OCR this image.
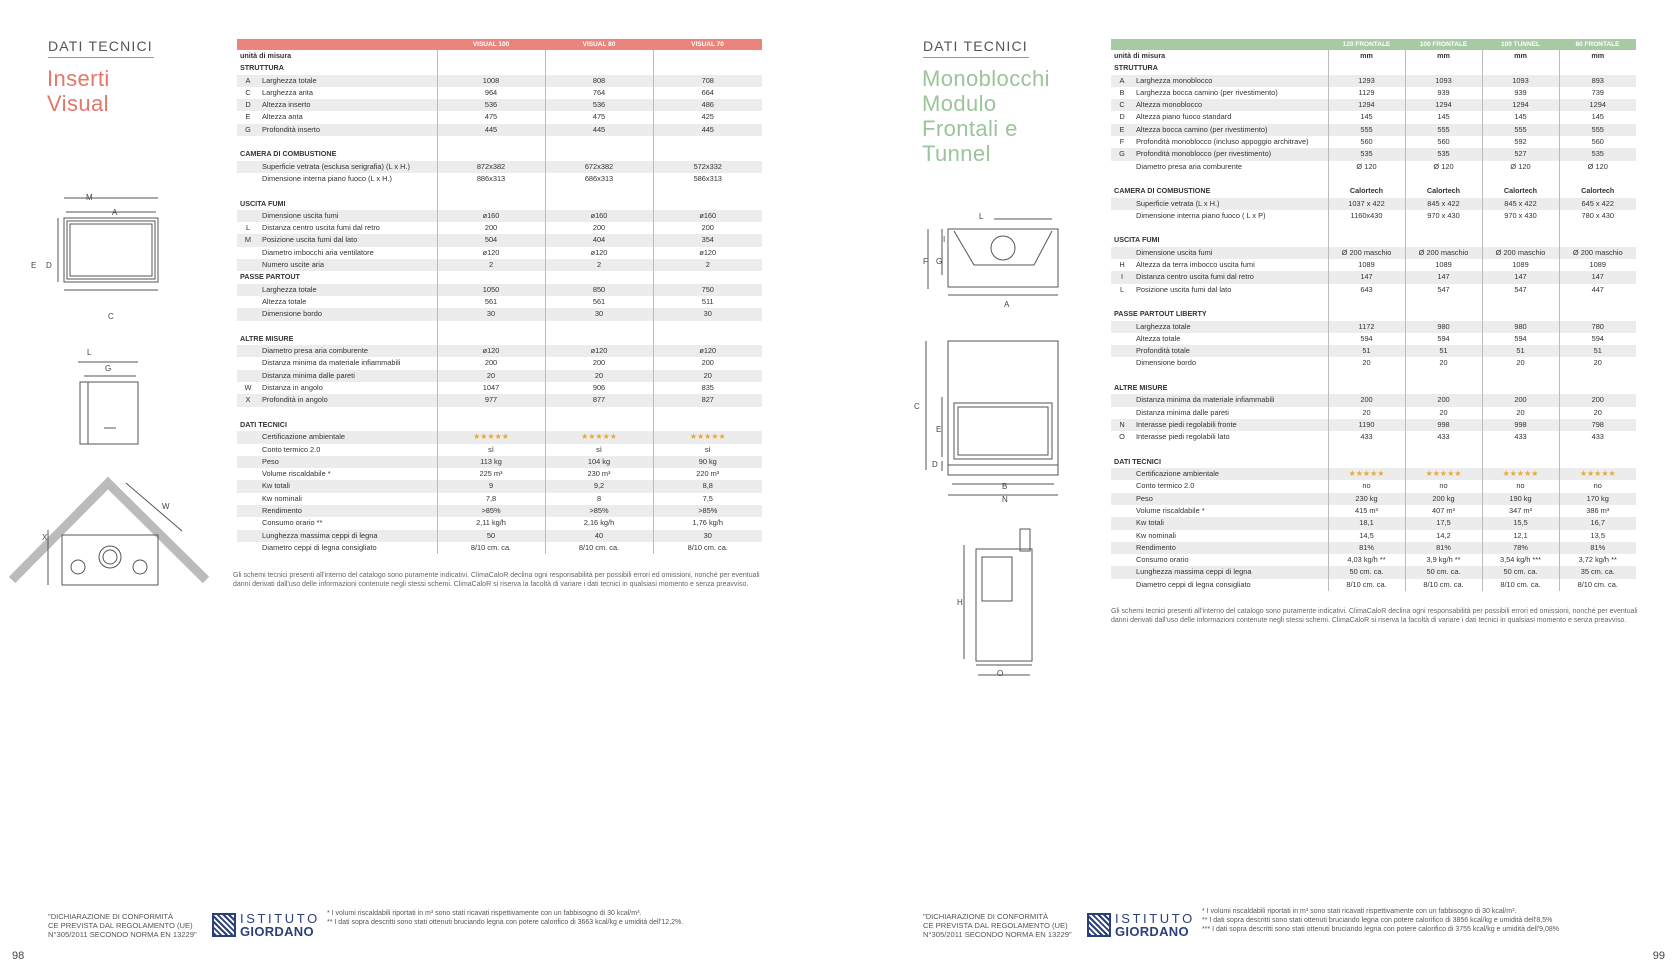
DATI TECNICI
Inserti
Visual
M
A
E D
C
L
G
W
X
		VISUAL 100	VISUAL 80	VISUAL 70
unità di misura				
STRUTTURA				
A	Larghezza totale	1008	808	708
C	Larghezza anta	964	764	664
D	Altezza inserto	536	536	486
E	Altezza anta	475	475	425
G	Profondità inserto	445	445	445

CAMERA DI COMBUSTIONE				
	Superficie vetrata (esclusa serigrafia) (L x H.)	872x382	672x382	572x332
	Dimensione interna piano fuoco (L x H.)	886x313	686x313	586x313

USCITA FUMI				
	Dimensione uscita fumi	ø160	ø160	ø160
L	Distanza centro uscita fumi dal retro	200	200	200
M	Posizione uscita fumi dal lato	504	404	354
	Diametro imbocchi aria ventilatore	ø120	ø120	ø120
	Numero uscite aria	2	2	2
PASSE PARTOUT				
	Larghezza totale	1050	850	750
	Altezza totale	561	561	511
	Dimensione bordo	30	30	30

ALTRE MISURE				
	Diametro presa aria comburente	ø120	ø120	ø120
	Distanza minima da materiale infiammabili	200	200	200
	Distanza minima dalle pareti	20	20	20
W	Distanza in angolo	1047	906	835
X	Profondità in angolo	977	877	827

DATI TECNICI				
	Certificazione ambientale	★★★★★	★★★★★	★★★★★
	Conto termico 2.0	sì	sì	sì
	Peso	113 kg	104 kg	90 kg
	Volume riscaldabile *	225 m³	230 m³	220 m³
	Kw totali	9	9,2	8,8
	Kw nominali	7,8	8	7,5
	Rendimento	>85%	>85%	>85%
	Consumo orario **	2,11 kg/h	2,16 kg/h	1,76 kg/h
	Lunghezza massima ceppi di legna	50	40	30
	Diametro ceppi di legna consigliato	8/10 cm. ca.	8/10 cm. ca.	8/10 cm. ca.
Gli schemi tecnici presenti all'interno del catalogo sono puramente indicativi. ClimaCaloR declina ogni responsabilità per possibili errori ed omissioni, nonché per eventuali danni derivati dall'uso delle informazioni contenute negli stessi schemi. ClimaCaloR si riserva la facoltà di variare i dati tecnici in qualsiasi momento e senza preavviso.
"DICHIARAZIONE DI CONFORMITÀ
CE PREVISTA DAL REGOLAMENTO (UE)
N°305/2011 SECONDO NORMA EN 13229"
ISTITUTO
GIORDANO
* I volumi riscaldabili riportati in m³ sono stati ricavati rispettivamente con un fabbisogno di 30 kcal/m³.
** I dati sopra descritti sono stati ottenuti bruciando legna con potere calorifico di 3663 kcal/kg e umidità dell'12,2%.
98
DATI TECNICI
Monoblocchi
Modulo
Frontali e
Tunnel
L
I
F G
A
C
E
D
B
N
H
O
		120 FRONTALE	100 FRONTALE	100 TUNNEL	80 FRONTALE
unità di misura		mm	mm	mm	mm
STRUTTURA					
A	Larghezza monoblocco	1293	1093	1093	893
B	Larghezza bocca camino (per rivestimento)	1129	939	939	739
C	Altezza monoblocco	1294	1294	1294	1294
D	Altezza piano fuoco standard	145	145	145	145
E	Altezza bocca camino (per rivestimento)	555	555	555	555
F	Profondità monoblocco (incluso appoggio architrave)	560	560	592	560
G	Profondità monoblocco (per rivestimento)	535	535	527	535
	Diametro presa aria comburente	Ø 120	Ø 120	Ø 120	Ø 120

CAMERA DI COMBUSTIONE		Calortech	Calortech	Calortech	Calortech
	Superficie vetrata (L x H.)	1037 x 422	845 x 422	845 x 422	645 x 422
	Dimensione interna piano fuoco ( L x P)	1160x430	970 x 430	970 x 430	780 x 430

USCITA FUMI					
	Dimensione uscita fumi	Ø 200 maschio	Ø 200 maschio	Ø 200 maschio	Ø 200 maschio
H	Altezza da terra imbocco uscita fumi	1089	1089	1089	1089
I	Distanza centro uscita fumi dal retro	147	147	147	147
L	Posizione uscita fumi dal lato	643	547	547	447

PASSE PARTOUT LIBERTY					
	Larghezza totale	1172	980	980	780
	Altezza totale	594	594	594	594
	Profondità totale	51	51	51	51
	Dimensione bordo	20	20	20	20

ALTRE MISURE					
	Distanza minima da materiale infiammabili	200	200	200	200
	Distanza minima dalle pareti	20	20	20	20
N	Interasse piedi regolabili fronte	1190	998	998	798
O	Interasse piedi regolabili lato	433	433	433	433

DATI TECNICI					
	Certificazione ambientale	★★★★★	★★★★★	★★★★★	★★★★★
	Conto termico 2.0	no	no	no	no
	Peso	230 kg	200 kg	190 kg	170 kg
	Volume riscaldabile *	415 m³	407 m³	347 m³	386 m³
	Kw totali	18,1	17,5	15,5	16,7
	Kw nominali	14,5	14,2	12,1	13,5
	Rendimento	81%	81%	78%	81%
	Consumo orario	4,03 kg/h **	3,9 kg/h **	3,54 kg/h ***	3,72 kg/h **
	Lunghezza massima ceppi di legna	50 cm. ca.	50 cm. ca.	50 cm. ca.	35 cm. ca.
	Diametro ceppi di legna consigliato	8/10 cm. ca.	8/10 cm. ca.	8/10 cm. ca.	8/10 cm. ca.
Gli schemi tecnici presenti all'interno del catalogo sono puramente indicativi. ClimaCaloR declina ogni responsabilità per possibili errori ed omissioni, nonché per eventuali danni derivati dall'uso delle informazioni contenute negli stessi schemi. ClimaCaloR si riserva la facoltà di variare i dati tecnici in qualsiasi momento e senza preavviso.
"DICHIARAZIONE DI CONFORMITÀ
CE PREVISTA DAL REGOLAMENTO (UE)
N°305/2011 SECONDO NORMA EN 13229"
ISTITUTO
GIORDANO
* I volumi riscaldabili riportati in m³ sono stati ricavati rispettivamente con un fabbisogno di 30 kcal/m³.
** I dati sopra descritti sono stati ottenuti bruciando legna con potere calorifico di 3856 kcal/kg e umidità dell'8,5%
*** I dati sopra descritti sono stati ottenuti bruciando legna con potere calorifico di 3755 kcal/kg e umidità dell'9,08%
99
